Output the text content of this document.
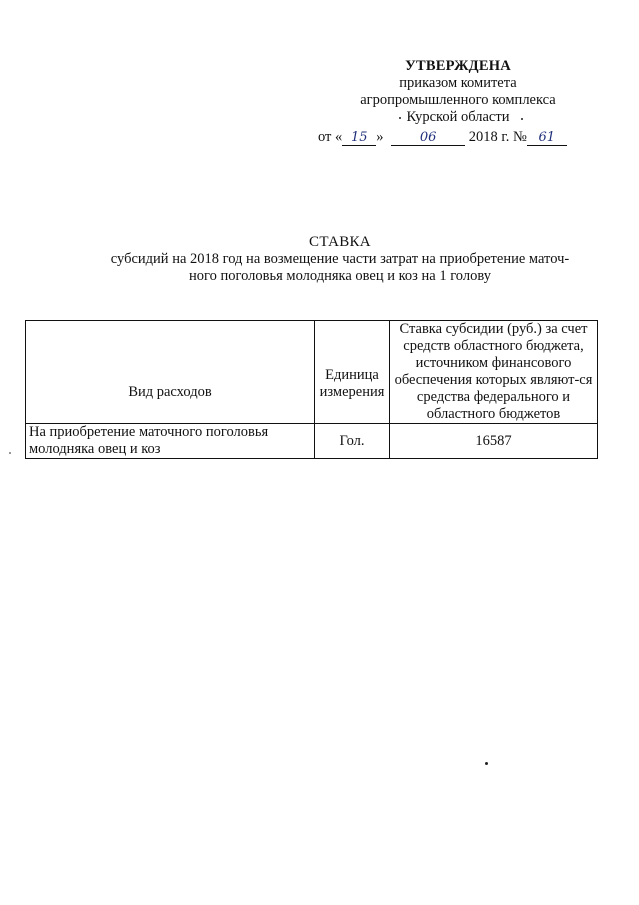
УТВЕРЖДЕНА
приказом комитета
агропромышленного комплекса
Курской области
от « 15 »	06 2018 г. № 61
СТАВКА
субсидий на 2018 год на возмещение части затрат на приобретение маточ-
ного поголовья молодняка овец и коз на 1 голову
Вид расходов	Единица измерения	Ставка субсидии (руб.) за счет средств областного бюджета, источником финансового обеспечения которых являют-ся средства федерального и областного бюджетов
На приобретение маточного поголовья молодняка овец и коз	Гол.	16587
